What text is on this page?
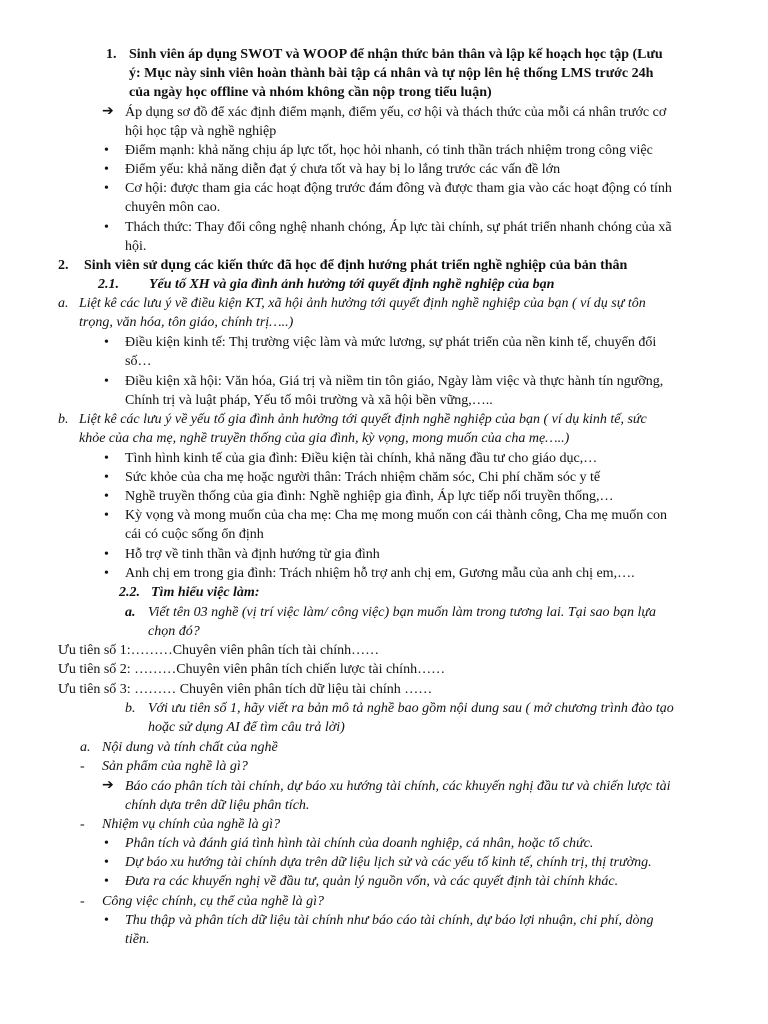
1. Sinh viên áp dụng SWOT và WOOP để nhận thức bản thân và lập kế hoạch học tập (Lưu
ý: Mục này sinh viên hoàn thành bài tập cá nhân và tự nộp lên hệ thống LMS trước 24h
của ngày học offline và nhóm không cần nộp trong tiểu luận)
➔ Áp dụng sơ đồ để xác định điểm mạnh, điểm yếu, cơ hội và thách thức của mỗi cá nhân trước cơ
hội học tập và nghề nghiệp
• Điểm mạnh: khả năng chịu áp lực tốt, học hỏi nhanh, có tinh thần trách nhiệm trong công việc
• Điểm yếu: khả năng diễn đạt ý chưa tốt và hay bị lo lắng trước các vấn đề lớn
• Cơ hội: được tham gia các hoạt động trước đám đông và được tham gia vào các hoạt động có tính
chuyên môn cao.
• Thách thức: Thay đổi công nghệ nhanh chóng, Áp lực tài chính, sự phát triển nhanh chóng của xã
hội.
2. Sinh viên sử dụng các kiến thức đã học để định hướng phát triển nghề nghiệp của bản thân
2.1. Yếu tố XH và gia đình ảnh hưởng tới quyết định nghề nghiệp của bạn
a. Liệt kê các lưu ý về điều kiện KT, xã hội ảnh hưởng tới quyết định nghề nghiệp của bạn ( ví dụ sự tôn
trọng, văn hóa, tôn giáo, chính trị…..)
• Điều kiện kinh tế: Thị trường việc làm và mức lương, sự phát triển của nền kinh tế, chuyển đổi
số…
• Điều kiện xã hội: Văn hóa, Giá trị và niềm tin tôn giáo, Ngày làm việc và thực hành tín ngưỡng,
Chính trị và luật pháp, Yếu tố môi trường và xã hội bền vững,…..
b. Liệt kê các lưu ý về yếu tố gia đình ảnh hưởng tới quyết định nghề nghiệp của bạn ( ví dụ kinh tế, sức
khỏe của cha mẹ, nghề truyền thống của gia đình, kỳ vọng, mong muốn của cha mẹ…..)
• Tình hình kinh tế của gia đình: Điều kiện tài chính, khả năng đầu tư cho giáo dục,…
• Sức khỏe của cha mẹ hoặc người thân: Trách nhiệm chăm sóc, Chi phí chăm sóc y tế
• Nghề truyền thống của gia đình: Nghề nghiệp gia đình, Áp lực tiếp nối truyền thống,…
• Kỳ vọng và mong muốn của cha mẹ: Cha mẹ mong muốn con cái thành công, Cha mẹ muốn con
cái có cuộc sống ổn định
• Hỗ trợ về tinh thần và định hướng từ gia đình
• Anh chị em trong gia đình: Trách nhiệm hỗ trợ anh chị em, Gương mẫu của anh chị em,….
2.2. Tìm hiểu việc làm:
a. Viết tên 03 nghề (vị trí việc làm/ công việc) bạn muốn làm trong tương lai. Tại sao bạn lựa
chọn đó?
Ưu tiên số 1:………Chuyên viên phân tích tài chính……
Ưu tiên số 2: ………Chuyên viên phân tích chiến lược tài chính……
Ưu tiên số 3: ……… Chuyên viên phân tích dữ liệu tài chính ……
b. Với ưu tiên số 1, hãy viết ra bản mô tả nghề bao gồm nội dung sau ( mở chương trình đào tạo
hoặc sử dụng AI để tìm câu trả lời)
a. Nội dung và tính chất của nghề
- Sản phẩm của nghề là gì?
➔ Báo cáo phân tích tài chính, dự báo xu hướng tài chính, các khuyến nghị đầu tư và chiến lược tài
chính dựa trên dữ liệu phân tích.
- Nhiệm vụ chính của nghề là gì?
• Phân tích và đánh giá tình hình tài chính của doanh nghiệp, cá nhân, hoặc tổ chức.
• Dự báo xu hướng tài chính dựa trên dữ liệu lịch sử và các yếu tố kinh tế, chính trị, thị trường.
• Đưa ra các khuyến nghị về đầu tư, quản lý nguồn vốn, và các quyết định tài chính khác.
- Công việc chính, cụ thể của nghề là gì?
• Thu thập và phân tích dữ liệu tài chính như báo cáo tài chính, dự báo lợi nhuận, chi phí, dòng
tiền.
